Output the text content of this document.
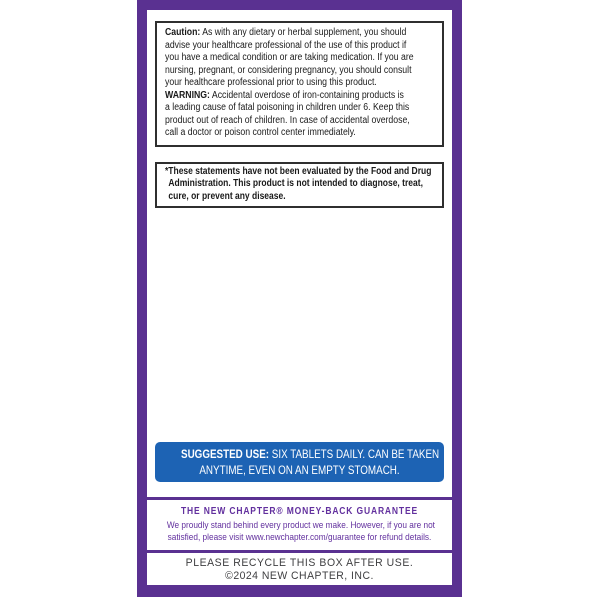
Caution: As with any dietary or herbal supplement, you should
advise your healthcare professional of the use of this product if
you have a medical condition or are taking medication. If you are
nursing, pregnant, or considering pregnancy, you should consult
your healthcare professional prior to using this product.
WARNING: Accidental overdose of iron-containing products is
a leading cause of fatal poisoning in children under 6. Keep this
product out of reach of children. In case of accidental overdose,
call a doctor or poison control center immediately.
*These statements have not been evaluated by the Food and Drug
Administration. This product is not intended to diagnose, treat,
cure, or prevent any disease.
SUGGESTED USE: SIX TABLETS DAILY. CAN BE TAKEN
ANYTIME, EVEN ON AN EMPTY STOMACH.
THE NEW CHAPTER® MONEY-BACK GUARANTEE
We proudly stand behind every product we make. However, if you are not
satisfied, please visit www.newchapter.com/guarantee for refund details.
PLEASE RECYCLE THIS BOX AFTER USE.
©2024 NEW CHAPTER, INC.
